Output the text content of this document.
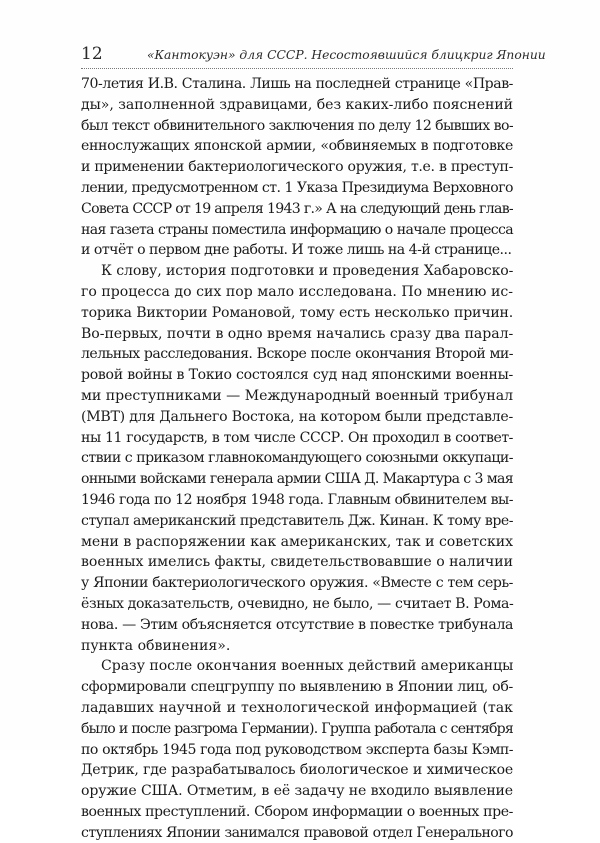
12	«Кантокуэн» для СССР. Несостоявшийся блицкриг Японии
70-летия И.В. Сталина. Лишь на последней странице «Прав-
ды», заполненной здравицами, без каких-либо пояснений
был текст обвинительного заключения по делу 12 бывших во-
еннослужащих японской армии, «обвиняемых в подготовке
и применении бактериологического оружия, т.е. в преступ-
лении, предусмотренном ст. 1 Указа Президиума Верховного
Совета СССР от 19 апреля 1943 г.» А на следующий день глав-
ная газета страны поместила информацию о начале процесса
и отчёт о первом дне работы. И тоже лишь на 4-й странице...
К слову, история подготовки и проведения Хабаровско-
го процесса до сих пор мало исследована. По мнению ис-
торика Виктории Романовой, тому есть несколько причин.
Во-первых, почти в одно время начались сразу два парал-
лельных расследования. Вскоре после окончания Второй ми-
ровой войны в Токио состоялся суд над японскими военны-
ми преступниками — Международный военный трибунал
(МВТ) для Дальнего Востока, на котором были представле-
ны 11 государств, в том числе СССР. Он проходил в соответ-
ствии с приказом главнокомандующего союзными оккупаци-
онными войсками генерала армии США Д. Макартура с 3 мая
1946 года по 12 ноября 1948 года. Главным обвинителем вы-
ступал американский представитель Дж. Кинан. К тому вре-
мени в распоряжении как американских, так и советских
военных имелись факты, свидетельствовавшие о наличии
у Японии бактериологического оружия. «Вместе с тем серь-
ёзных доказательств, очевидно, не было, — считает В. Рома-
нова. — Этим объясняется отсутствие в повестке трибунала
пункта обвинения».
Сразу после окончания военных действий американцы
сформировали спецгруппу по выявлению в Японии лиц, об-
ладавших научной и технологической информацией (так
было и после разгрома Германии). Группа работала с сентября
по октябрь 1945 года под руководством эксперта базы Кэмп-
Детрик, где разрабатывалось биологическое и химическое
оружие США. Отметим, в её задачу не входило выявление
военных преступлений. Сбором информации о военных пре-
ступлениях Японии занимался правовой отдел Генерального
